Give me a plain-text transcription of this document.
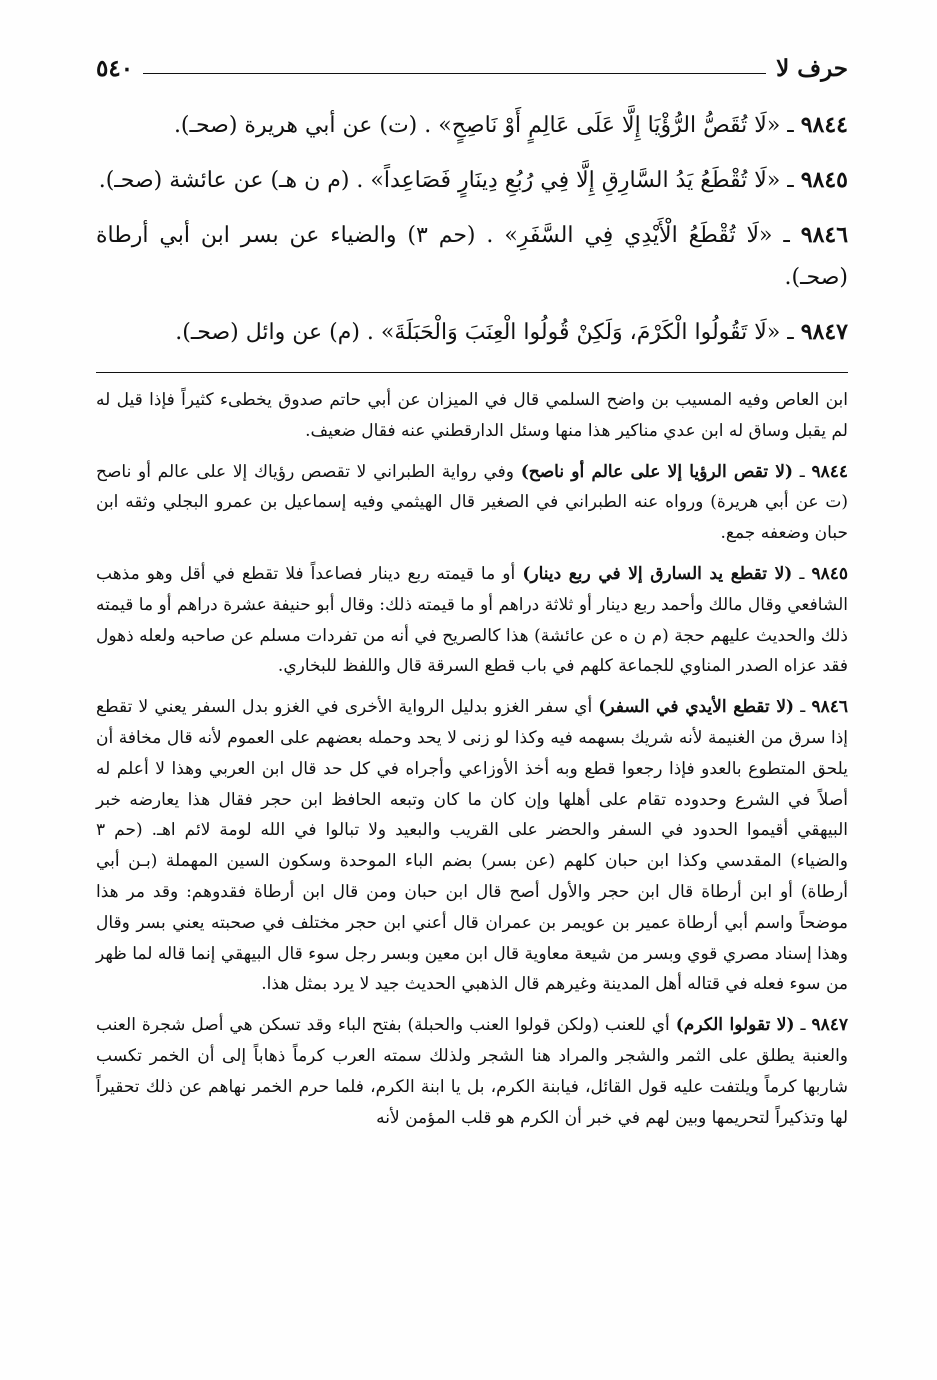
حرف لا
٥٤٠

٩٨٤٤ ـ «لَا تُقَصُّ الرُّؤْيَا إِلَّا عَلَى عَالِمٍ أَوْ نَاصِحٍ» . (ت) عن أبي هريرة (صحـ).

٩٨٤٥ ـ «لَا تُقْطَعُ يَدُ السَّارِقِ إِلَّا فِي رُبُعِ دِينَارٍ فَصَاعِداً» . (م ن هـ) عن عائشة (صحـ).

٩٨٤٦ ـ «لَا تُقْطَعُ الْأَيْدِي فِي السَّفَرِ» . (حم ٣) والضياء عن بسر ابن أبي أرطاة (صحـ).

٩٨٤٧ ـ «لَا تَقُولُوا الْكَرْمَ، وَلَكِنْ قُولُوا الْعِنَبَ وَالْحَبَلَةَ» . (م) عن وائل (صحـ).

ابن العاص وفيه المسيب بن واضح السلمي قال في الميزان عن أبي حاتم صدوق يخطىء كثيراً فإذا قيل له لم يقبل وساق له ابن عدي مناكير هذا منها وسئل الدارقطني عنه فقال ضعيف.

٩٨٤٤ ـ (لا تقص الرؤيا إلا على عالم أو ناصح) وفي رواية الطبراني لا تقصص رؤياك إلا على عالم أو ناصح (ت عن أبي هريرة) ورواه عنه الطبراني في الصغير قال الهيثمي وفيه إسماعيل بن عمرو البجلي وثقه ابن حبان وضعفه جمع.

٩٨٤٥ ـ (لا تقطع يد السارق إلا في ربع دينار) أو ما قيمته ربع دينار فصاعداً فلا تقطع في أقل وهو مذهب الشافعي وقال مالك وأحمد ربع دينار أو ثلاثة دراهم أو ما قيمته ذلك: وقال أبو حنيفة عشرة دراهم أو ما قيمته ذلك والحديث عليهم حجة (م ن ه عن عائشة) هذا كالصريح في أنه من تفردات مسلم عن صاحبه ولعله ذهول فقد عزاه الصدر المناوي للجماعة كلهم في باب قطع السرقة قال واللفظ للبخاري.

٩٨٤٦ ـ (لا تقطع الأيدي في السفر) أي سفر الغزو بدليل الرواية الأخرى في الغزو بدل السفر يعني لا تقطع إذا سرق من الغنيمة لأنه شريك بسهمه فيه وكذا لو زنى لا يحد وحمله بعضهم على العموم لأنه قال مخافة أن يلحق المتطوع بالعدو فإذا رجعوا قطع وبه أخذ الأوزاعي وأجراه في كل حد قال ابن العربي وهذا لا أعلم له أصلاً في الشرع وحدوده تقام على أهلها وإن كان ما كان وتبعه الحافظ ابن حجر فقال هذا يعارضه خبر البيهقي أقيموا الحدود في السفر والحضر على القريب والبعيد ولا تبالوا في الله لومة لائم اهـ. (حم ٣ والضياء) المقدسي وكذا ابن حبان كلهم (عن بسر) بضم الباء الموحدة وسكون السين المهملة (بـن أبي أرطاة) أو ابن أرطاة قال ابن حجر والأول أصح قال ابن حبان ومن قال ابن أرطاة فقدوهم: وقد مر هذا موضحاً واسم أبي أرطاة عمير بن عويمر بن عمران قال أعني ابن حجر مختلف في صحبته يعني بسر وقال وهذا إسناد مصري قوي وبسر من شيعة معاوية قال ابن معين وبسر رجل سوء قال البيهقي إنما قاله لما ظهر من سوء فعله في قتاله أهل المدينة وغيرهم قال الذهبي الحديث جيد لا يرد بمثل هذا.

٩٨٤٧ ـ (لا تقولوا الكرم) أي للعنب (ولكن قولوا العنب والحبلة) بفتح الباء وقد تسكن هي أصل شجرة العنب والعنبة يطلق على الثمر والشجر والمراد هنا الشجر ولذلك سمته العرب كرماً ذهاباً إلى أن الخمر تكسب شاربها كرماً ويلتفت عليه قول القائل، فيابنة الكرم، بل يا ابنة الكرم، فلما حرم الخمر نهاهم عن ذلك تحقيراً لها وتذكيراً لتحريمها وبين لهم في خبر أن الكرم هو قلب المؤمن لأنه
